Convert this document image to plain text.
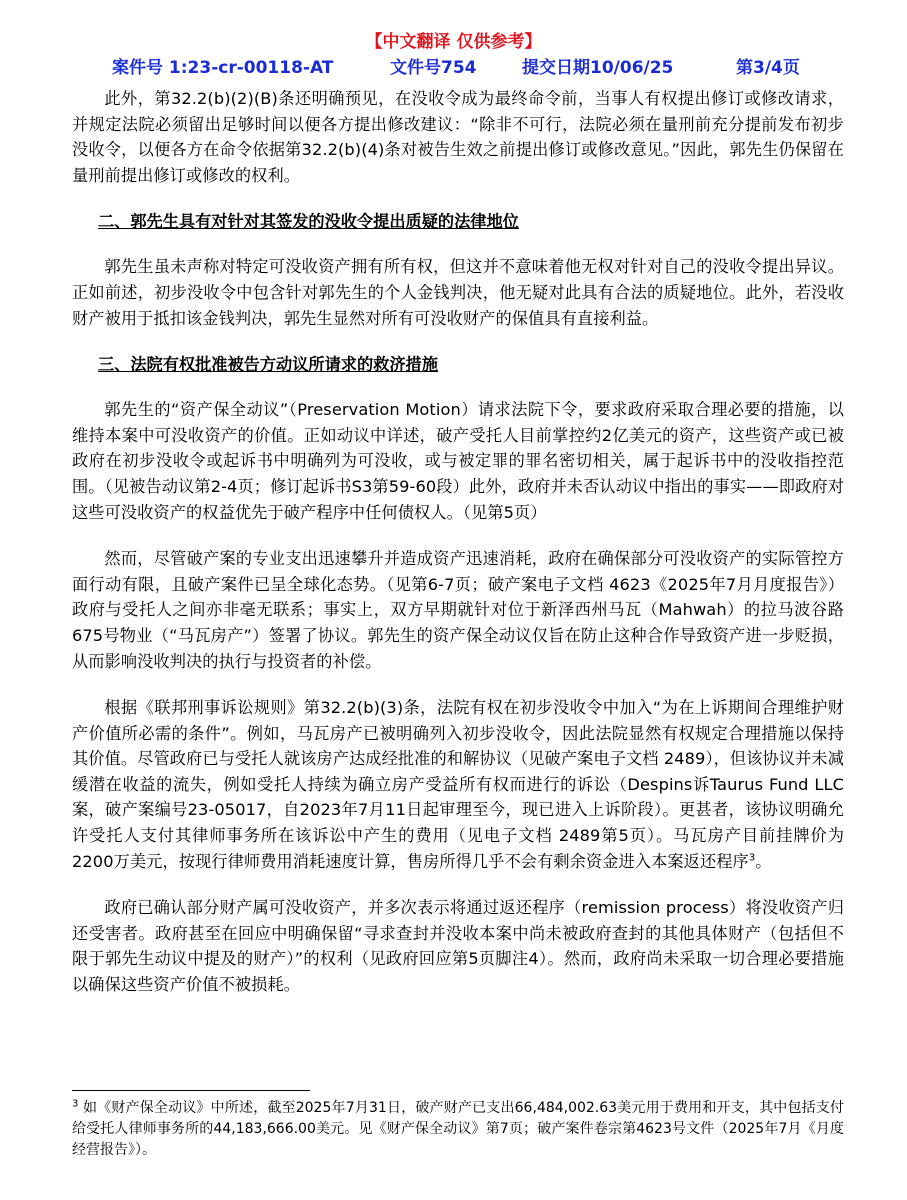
【中文翻译 仅供参考】
案件号 1:23-cr-00118-AT	文件号754	提交日期10/06/25	第3/4页

此外，第32.2(b)(2)(B)条还明确预见，在没收令成为最终命令前，当事人有权提出修订或修改请求，并规定法院必须留出足够时间以便各方提出修改建议：“除非不可行，法院必须在量刑前充分提前发布初步没收令，以便各方在命令依据第32.2(b)(4)条对被告生效之前提出修订或修改意见。”因此，郭先生仍保留在量刑前提出修订或修改的权利。

二、郭先生具有对针对其签发的没收令提出质疑的法律地位

郭先生虽未声称对特定可没收资产拥有所有权，但这并不意味着他无权对针对自己的没收令提出异议。正如前述，初步没收令中包含针对郭先生的个人金钱判决，他无疑对此具有合法的质疑地位。此外，若没收财产被用于抵扣该金钱判决，郭先生显然对所有可没收财产的保值具有直接利益。

三、法院有权批准被告方动议所请求的救济措施

郭先生的“资产保全动议”（Preservation Motion）请求法院下令，要求政府采取合理必要的措施，以维持本案中可没收资产的价值。正如动议中详述，破产受托人目前掌控约2亿美元的资产，这些资产或已被政府在初步没收令或起诉书中明确列为可没收，或与被定罪的罪名密切相关，属于起诉书中的没收指控范围。（见被告动议第2-4页；修订起诉书S3第59-60段）此外，政府并未否认动议中指出的事实——即政府对这些可没收资产的权益优先于破产程序中任何债权人。（见第5页）

然而，尽管破产案的专业支出迅速攀升并造成资产迅速消耗，政府在确保部分可没收资产的实际管控方面行动有限，且破产案件已呈全球化态势。（见第6-7页；破产案电子文档 4623《2025年7月月度报告》）政府与受托人之间亦非毫无联系；事实上，双方早期就针对位于新泽西州马瓦（Mahwah）的拉马波谷路675号物业（“马瓦房产”）签署了协议。郭先生的资产保全动议仅旨在防止这种合作导致资产进一步贬损，从而影响没收判决的执行与投资者的补偿。

根据《联邦刑事诉讼规则》第32.2(b)(3)条，法院有权在初步没收令中加入“为在上诉期间合理维护财产价值所必需的条件”。例如，马瓦房产已被明确列入初步没收令，因此法院显然有权规定合理措施以保持其价值。尽管政府已与受托人就该房产达成经批准的和解协议（见破产案电子文档 2489），但该协议并未减缓潜在收益的流失，例如受托人持续为确立房产受益所有权而进行的诉讼（Despins诉Taurus Fund LLC案，破产案编号23-05017，自2023年7月11日起审理至今，现已进入上诉阶段）。更甚者，该协议明确允许受托人支付其律师事务所在该诉讼中产生的费用（见电子文档 2489第5页）。马瓦房产目前挂牌价为2200万美元，按现行律师费用消耗速度计算，售房所得几乎不会有剩余资金进入本案返还程序$^3$。

政府已确认部分财产属可没收资产，并多次表示将通过返还程序（remission process）将没收资产归还受害者。政府甚至在回应中明确保留“寻求查封并没收本案中尚未被政府查封的其他具体财产（包括但不限于郭先生动议中提及的财产）”的权利（见政府回应第5页脚注4）。然而，政府尚未采取一切合理必要措施以确保这些资产价值不被损耗。

$^3$ 如《财产保全动议》中所述，截至2025年7月31日，破产财产已支出66,484,002.63美元用于费用和开支，其中包括支付给受托人律师事务所的44,183,666.00美元。见《财产保全动议》第7页；破产案件卷宗第4623号文件（2025年7月《月度经营报告》）。
